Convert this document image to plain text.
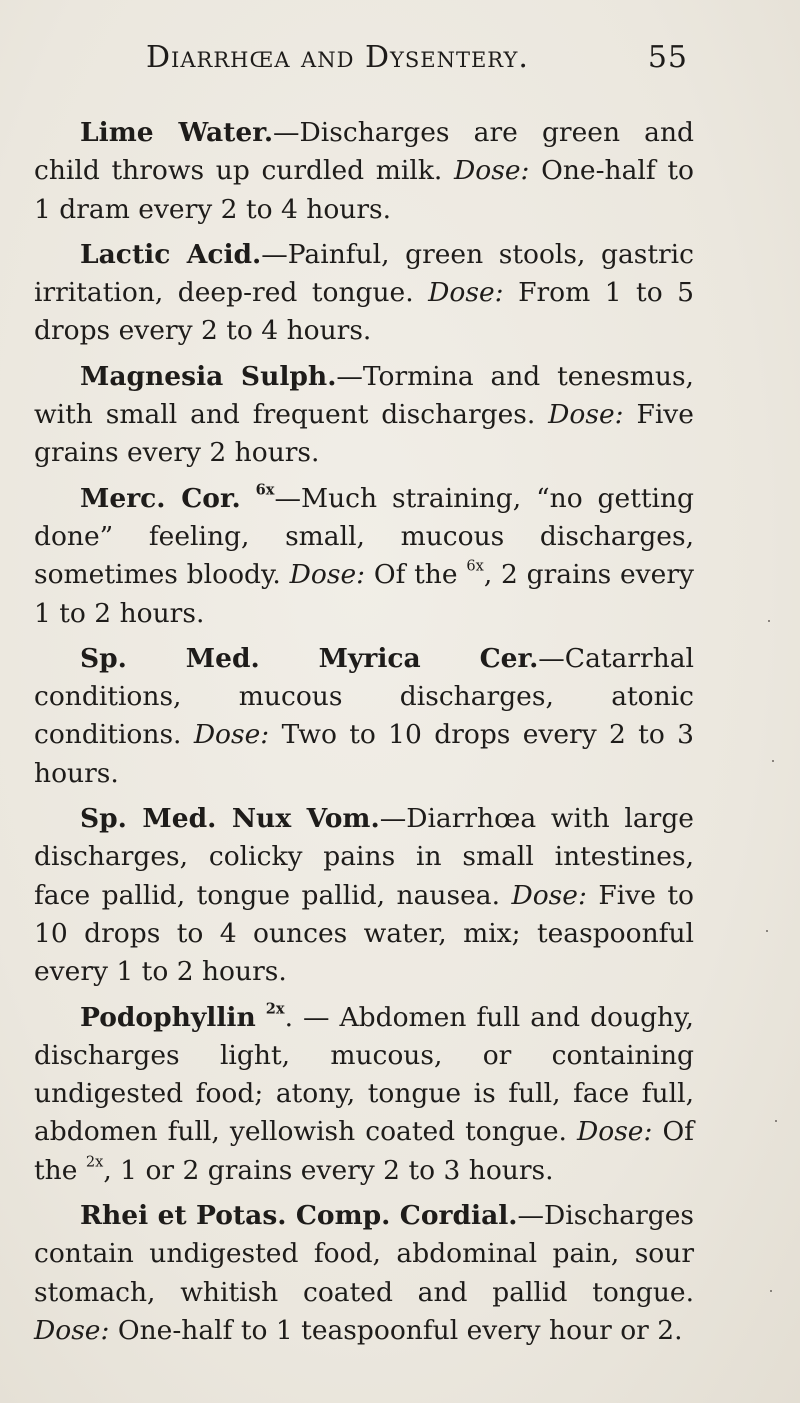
Diarrhœa and Dysentery.	55

Lime Water.—Discharges are green and child throws up curdled milk. Dose: One-half to 1 dram every 2 to 4 hours.

Lactic Acid.—Painful, green stools, gastric irritation, deep-red tongue. Dose: From 1 to 5 drops every 2 to 4 hours.

Magnesia Sulph.—Tormina and tenesmus, with small and frequent discharges. Dose: Five grains every 2 hours.

Merc. Cor. $^{6x}$—Much straining, “no getting done” feeling, small, mucous discharges, sometimes bloody. Dose: Of the $^{6x}$, 2 grains every 1 to 2 hours.

Sp. Med. Myrica Cer.—Catarrhal conditions, mucous discharges, atonic conditions. Dose: Two to 10 drops every 2 to 3 hours.

Sp. Med. Nux Vom.—Diarrhœa with large discharges, colicky pains in small intestines, face pallid, tongue pallid, nausea. Dose: Five to 10 drops to 4 ounces water, mix; teaspoonful every 1 to 2 hours.

Podophyllin $^{2x}$. — Abdomen full and doughy, discharges light, mucous, or containing undigested food; atony, tongue is full, face full, abdomen full, yellowish coated tongue. Dose: Of the $^{2x}$, 1 or 2 grains every 2 to 3 hours.

Rhei et Potas. Comp. Cordial.—Discharges contain undigested food, abdominal pain, sour stomach, whitish coated and pallid tongue. Dose: One-half to 1 teaspoonful every hour or 2.
